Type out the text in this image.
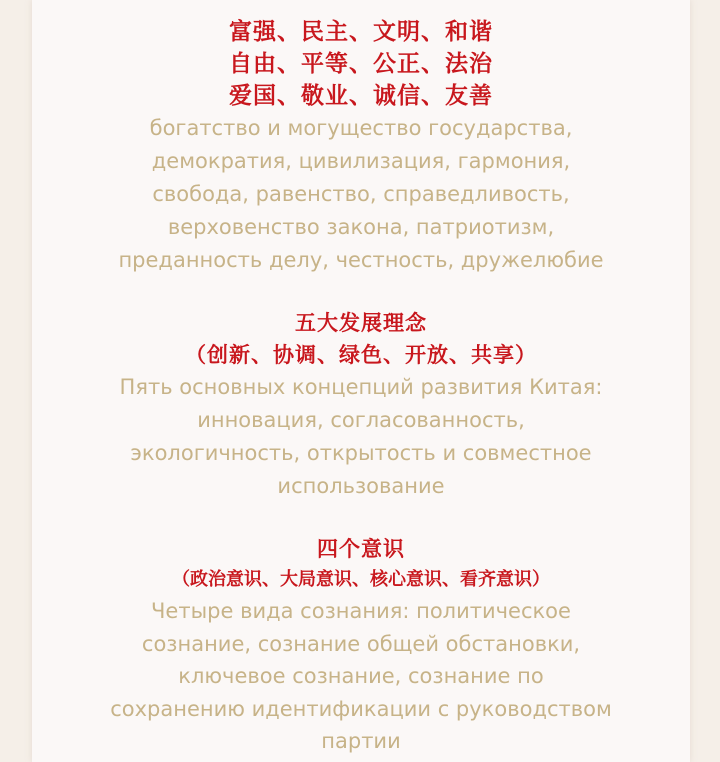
富强、民主、文明、和谐
自由、平等、公正、法治
爱国、敬业、诚信、友善
богатство и могущество государства,
демократия, цивилизация, гармония,
свобода, равенство, справедливость,
верховенство закона, патриотизм,
преданность делу, честность, дружелюбие
五大发展理念
（创新、协调、绿色、开放、共享）
Пять основных концепций развития Китая:
инновация, согласованность,
экологичность, открытость и совместное
использование
四个意识
（政治意识、大局意识、核心意识、看齐意识）
Четыре вида сознания: политическое
сознание, сознание общей обстановки,
ключевое сознание, сознание по
сохранению идентификации с руководством
партии
